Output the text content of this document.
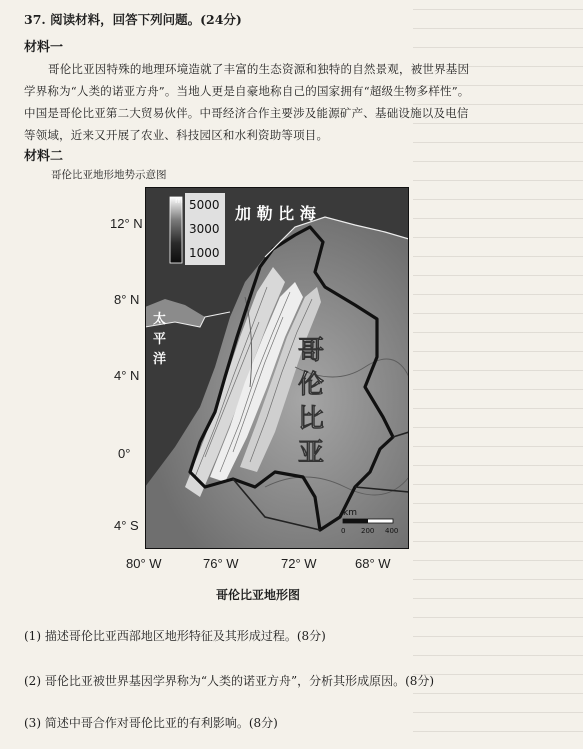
37. 阅读材料，回答下列问题。(24分)
材料一
哥伦比亚因特殊的地理环境造就了丰富的生态资源和独特的自然景观，被世界基因
学界称为“人类的诺亚方舟”。当地人更是自豪地称自己的国家拥有“超级生物多样性”。
中国是哥伦比亚第二大贸易伙伴。中哥经济合作主要涉及能源矿产、基础设施以及电信
等领域，近来又开展了农业、科技园区和水利资助等项目。
材料二
哥伦比亚地形地势示意图
12° N
8° N
4° N
0°
4° S
m 5000
3000
1000
加 勒 比 海
太
平
洋	哥
伦
比
亚
km
0 200 400
80° W	76° W	72° W	68° W
哥伦比亚地形图
(1) 描述哥伦比亚西部地区地形特征及其形成过程。(8分)
(2) 哥伦比亚被世界基因学界称为“人类的诺亚方舟”，分析其形成原因。(8分)
(3) 简述中哥合作对哥伦比亚的有利影响。(8分)
